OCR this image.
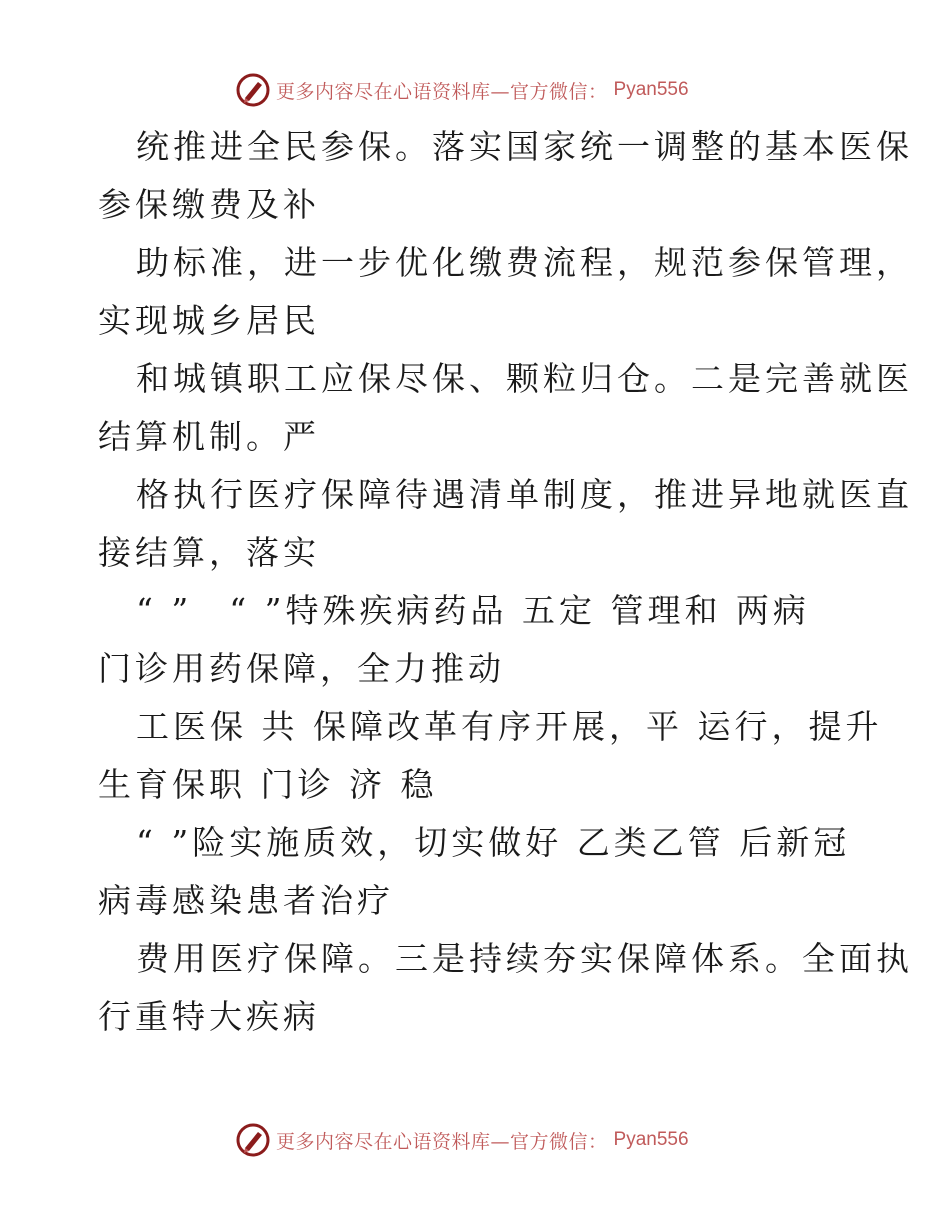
更多内容尽在心语资料库—官方微信： Pyan556
统推进全民参保。落实国家统一调整的基本医保
参保缴费及补
助标准，进一步优化缴费流程，规范参保管理，
实现城乡居民
和城镇职工应保尽保、颗粒归仓。二是完善就医
结算机制。严
格执行医疗保障待遇清单制度，推进异地就医直
接结算，落实
“ ”　“ ”特殊疾病药品 五定 管理和 两病
门诊用药保障，全力推动
工医保 共 保障改革有序开展，平 运行，提升
生育保职 门诊 济 稳
“ ”险实施质效，切实做好 乙类乙管 后新冠
病毒感染患者治疗
费用医疗保障。三是持续夯实保障体系。全面执
行重特大疾病
更多内容尽在心语资料库—官方微信： Pyan556
